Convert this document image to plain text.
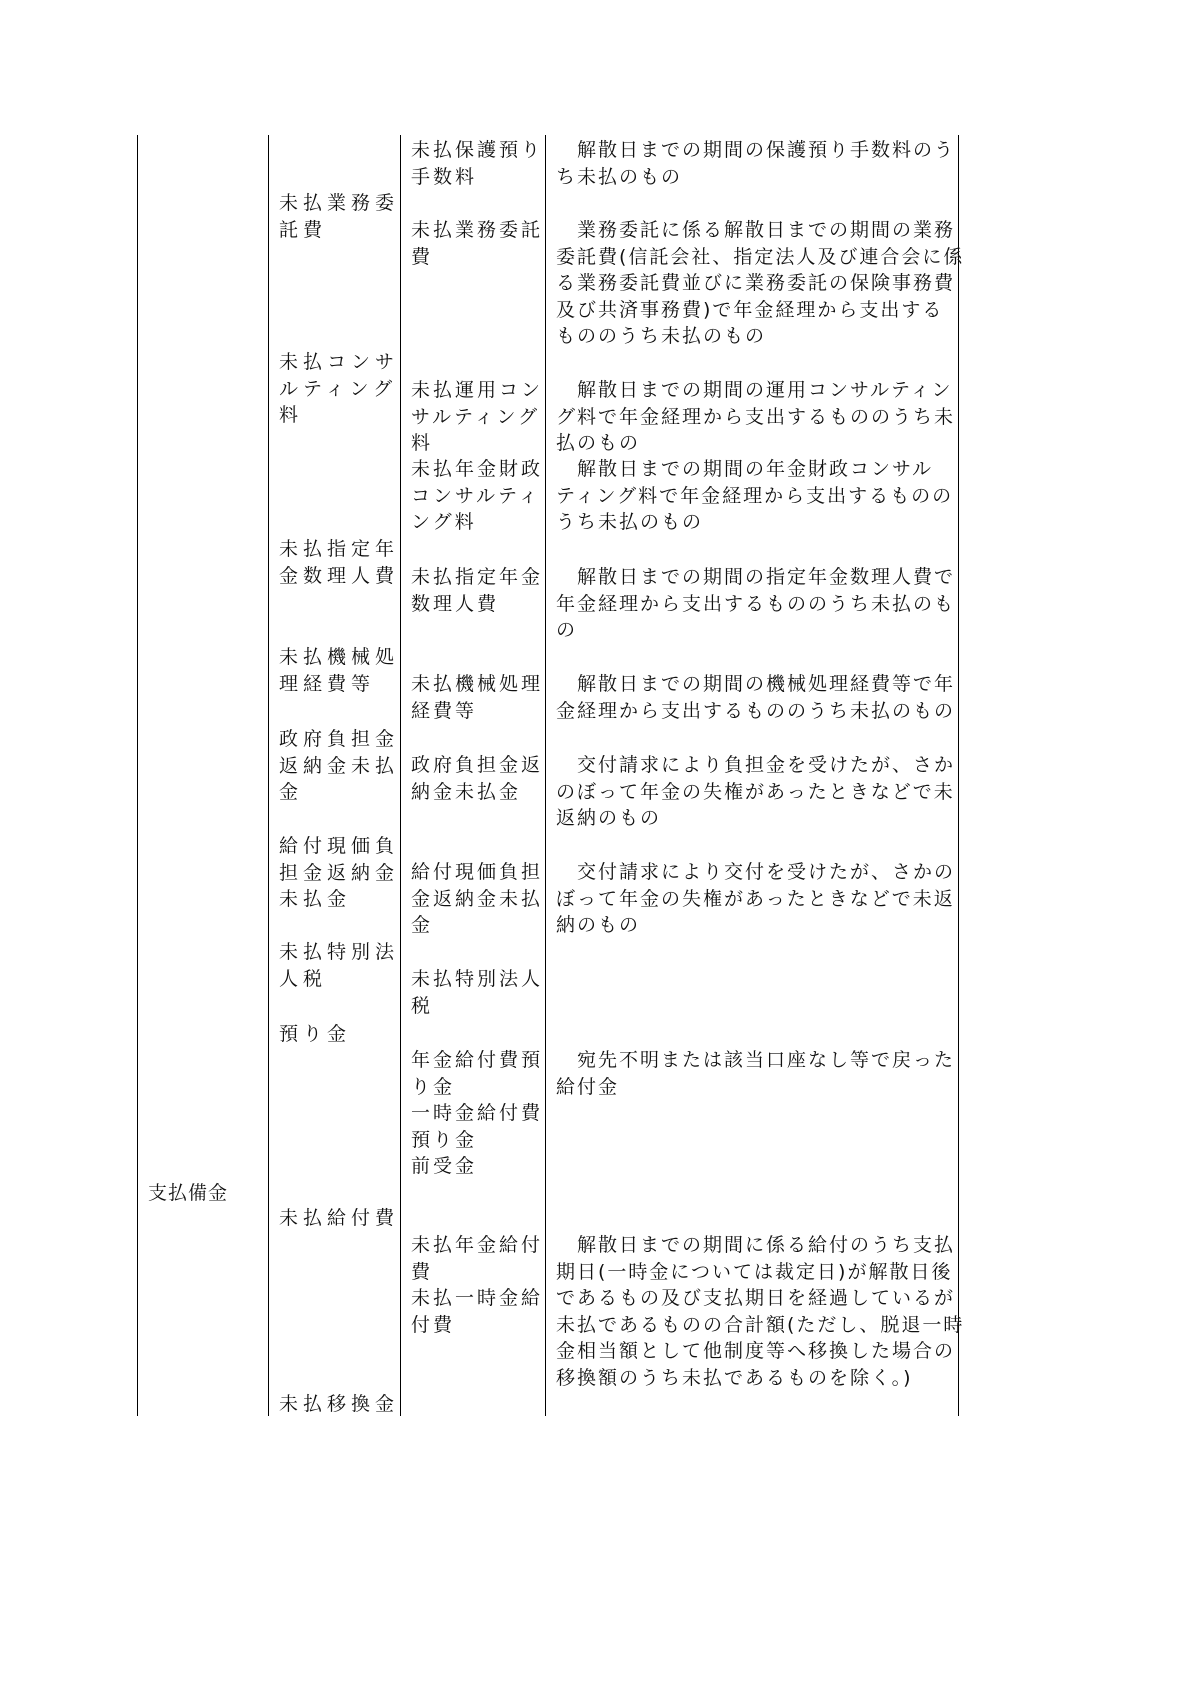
支払備金
未払業務委
託費
未払コンサ
ルティング
料
未払指定年
金数理人費
未払機械処
理経費等
政府負担金
返納金未払
金
給付現価負
担金返納金
未払金
未払特別法
人税
預り金
未払給付費
未払移換金
未払保護預り
手数料
未払業務委託
費
未払運用コン
サルティング
料
未払年金財政
コンサルティ
ング料
未払指定年金
数理人費
未払機械処理
経費等
政府負担金返
納金未払金
給付現価負担
金返納金未払
金
未払特別法人
税
年金給付費預
り金
一時金給付費
預り金
前受金
未払年金給付
費
未払一時金給
付費
　解散日までの期間の保護預り手数料のう
ち未払のもの
　業務委託に係る解散日までの期間の業務
委託費(信託会社、指定法人及び連合会に係
る業務委託費並びに業務委託の保険事務費
及び共済事務費)で年金経理から支出する
もののうち未払のもの
　解散日までの期間の運用コンサルティン
グ料で年金経理から支出するもののうち未
払のもの
　解散日までの期間の年金財政コンサル
ティング料で年金経理から支出するものの
うち未払のもの
　解散日までの期間の指定年金数理人費で
年金経理から支出するもののうち未払のも
の
　解散日までの期間の機械処理経費等で年
金経理から支出するもののうち未払のもの
　交付請求により負担金を受けたが、さか
のぼって年金の失権があったときなどで未
返納のもの
　交付請求により交付を受けたが、さかの
ぼって年金の失権があったときなどで未返
納のもの
　宛先不明または該当口座なし等で戻った
給付金
　解散日までの期間に係る給付のうち支払
期日(一時金については裁定日)が解散日後
であるもの及び支払期日を経過しているが
未払であるものの合計額(ただし、脱退一時
金相当額として他制度等へ移換した場合の
移換額のうち未払であるものを除く。)
